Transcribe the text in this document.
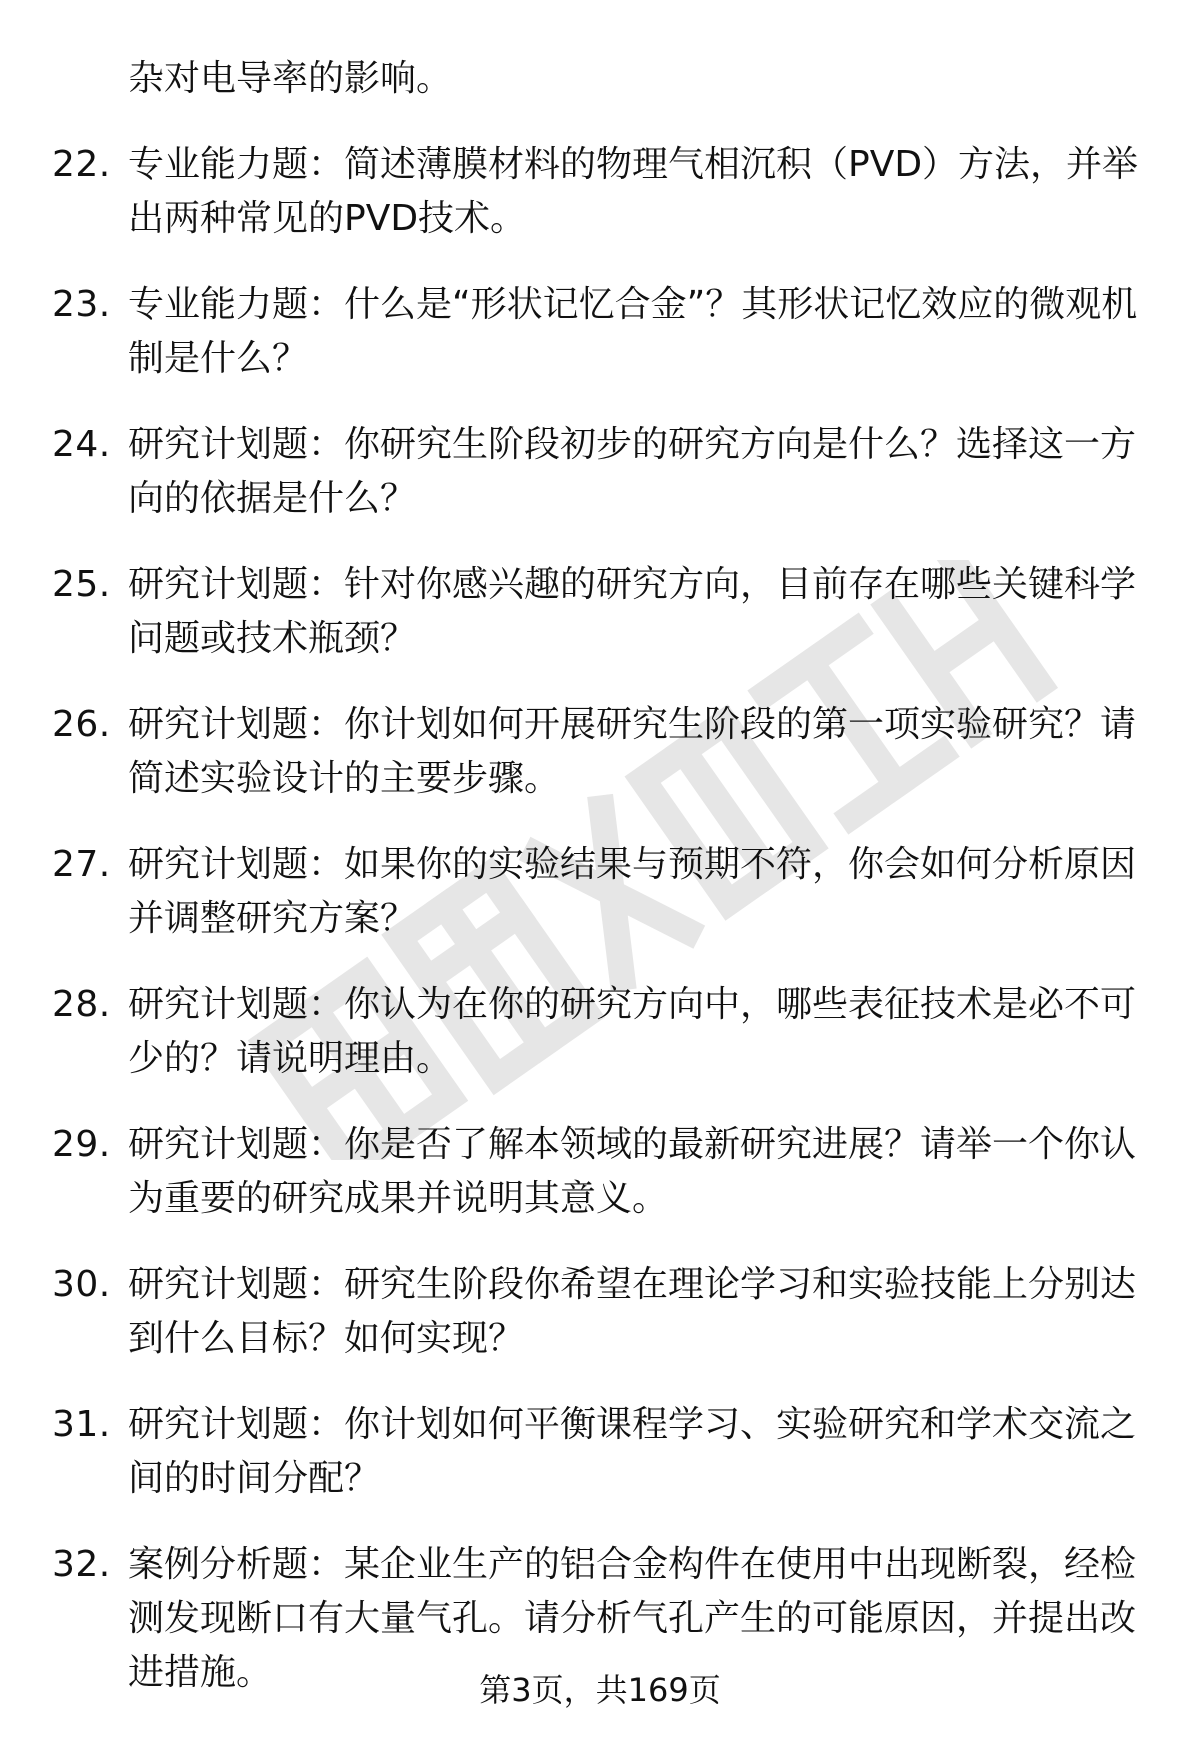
杂对电导率的影响。

22. 专业能力题：简述薄膜材料的物理气相沉积（PVD）方法，并举出两种常见的PVD技术。
23. 专业能力题：什么是“形状记忆合金”？其形状记忆效应的微观机制是什么？
24. 研究计划题：你研究生阶段初步的研究方向是什么？选择这一方向的依据是什么？
25. 研究计划题：针对你感兴趣的研究方向，目前存在哪些关键科学问题或技术瓶颈？
26. 研究计划题：你计划如何开展研究生阶段的第一项实验研究？请简述实验设计的主要步骤。
27. 研究计划题：如果你的实验结果与预期不符，你会如何分析原因并调整研究方案？
28. 研究计划题：你认为在你的研究方向中，哪些表征技术是必不可少的？请说明理由。
29. 研究计划题：你是否了解本领域的最新研究进展？请举一个你认为重要的研究成果并说明其意义。
30. 研究计划题：研究生阶段你希望在理论学习和实验技能上分别达到什么目标？如何实现？
31. 研究计划题：你计划如何平衡课程学习、实验研究和学术交流之间的时间分配？
32. 案例分析题：某企业生产的铝合金构件在使用中出现断裂，经检测发现断口有大量气孔。请分析气孔产生的可能原因，并提出改进措施。	第3页，共169页
